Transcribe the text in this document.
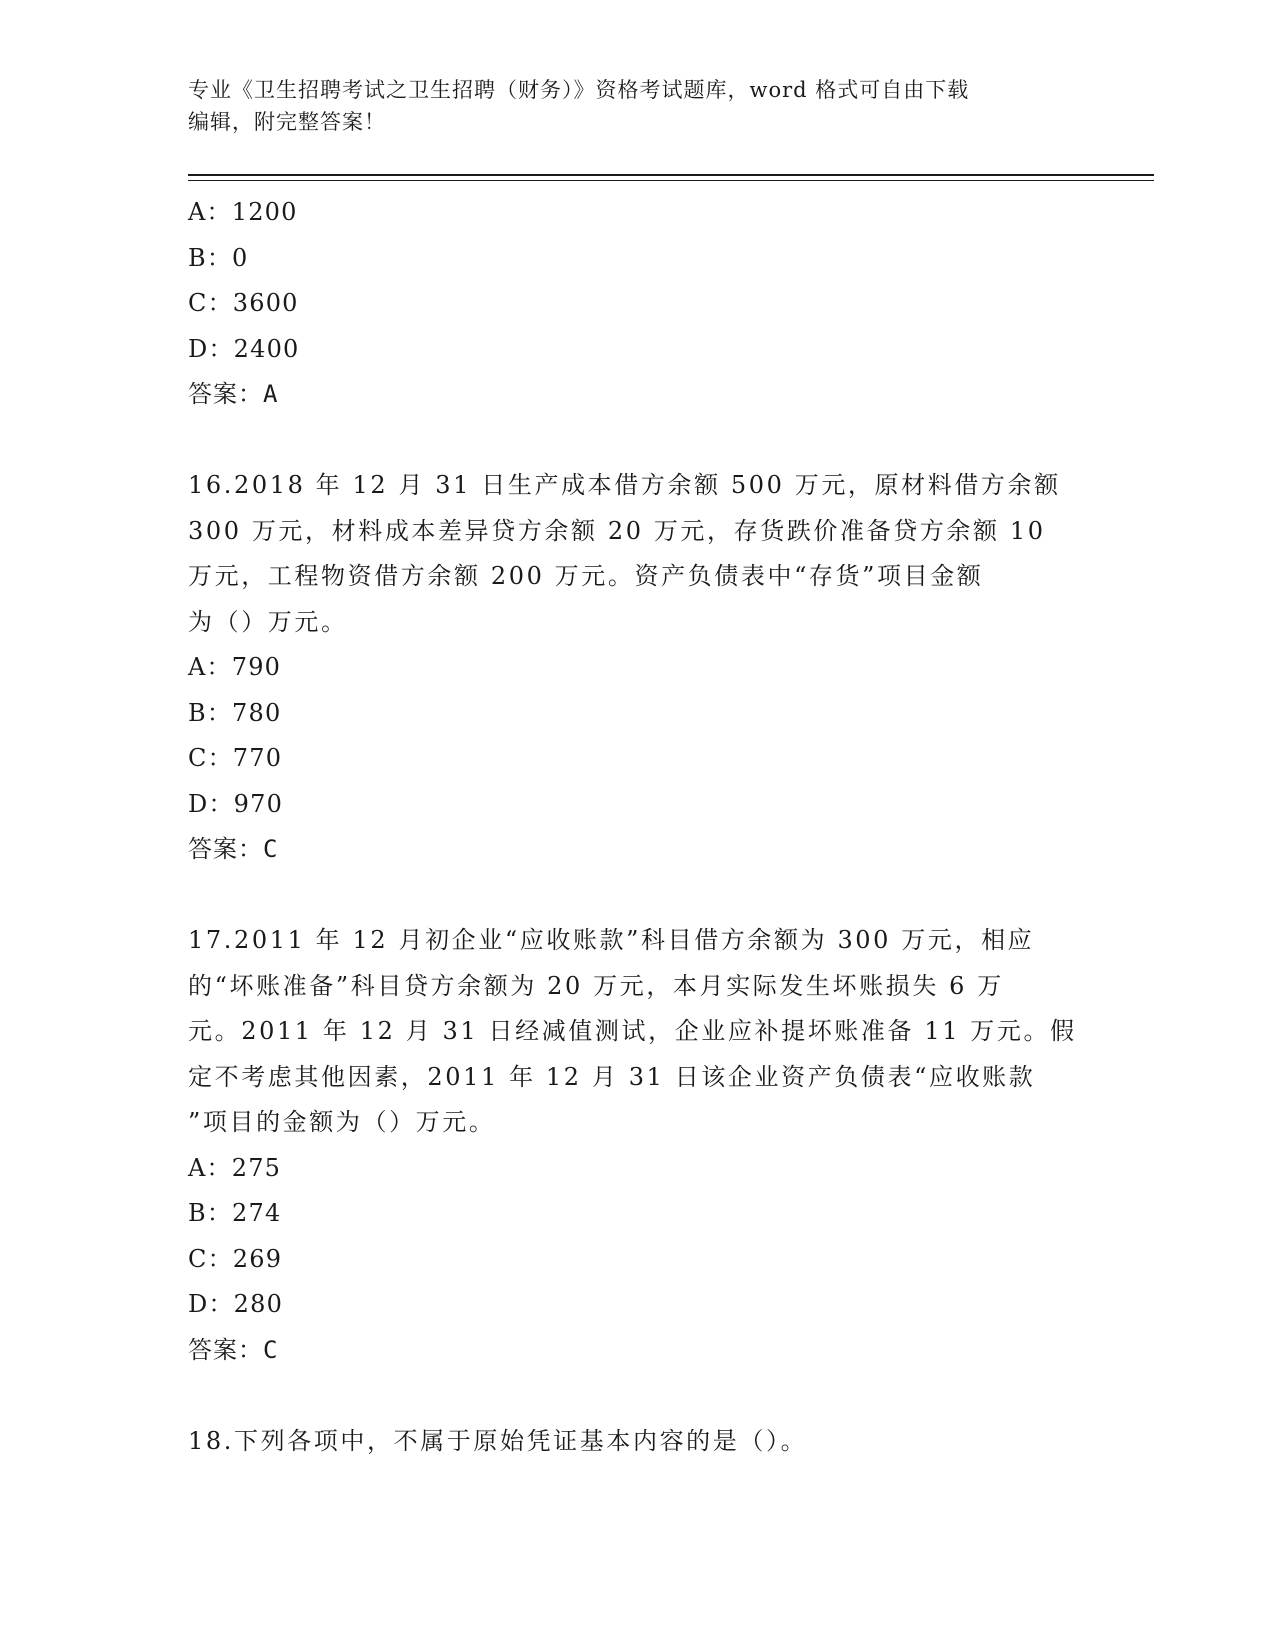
专业《卫生招聘考试之卫生招聘（财务）》资格考试题库，word 格式可自由下载
编辑，附完整答案！
A：1200
B：0
C：3600
D：2400
答案：A
16.2018 年 12 月 31 日生产成本借方余额 500 万元，原材料借方余额
300 万元，材料成本差异贷方余额 20 万元，存货跌价准备贷方余额 10
万元，工程物资借方余额 200 万元。资产负债表中“存货”项目金额
为（）万元。
A：790
B：780
C：770
D：970
答案：C
17.2011 年 12 月初企业“应收账款”科目借方余额为 300 万元，相应
的“坏账准备”科目贷方余额为 20 万元，本月实际发生坏账损失 6 万
元。2011 年 12 月 31 日经减值测试，企业应补提坏账准备 11 万元。假
定不考虑其他因素，2011 年 12 月 31 日该企业资产负债表“应收账款
”项目的金额为（）万元。
A：275
B：274
C：269
D：280
答案：C
18.下列各项中，不属于原始凭证基本内容的是（）。
